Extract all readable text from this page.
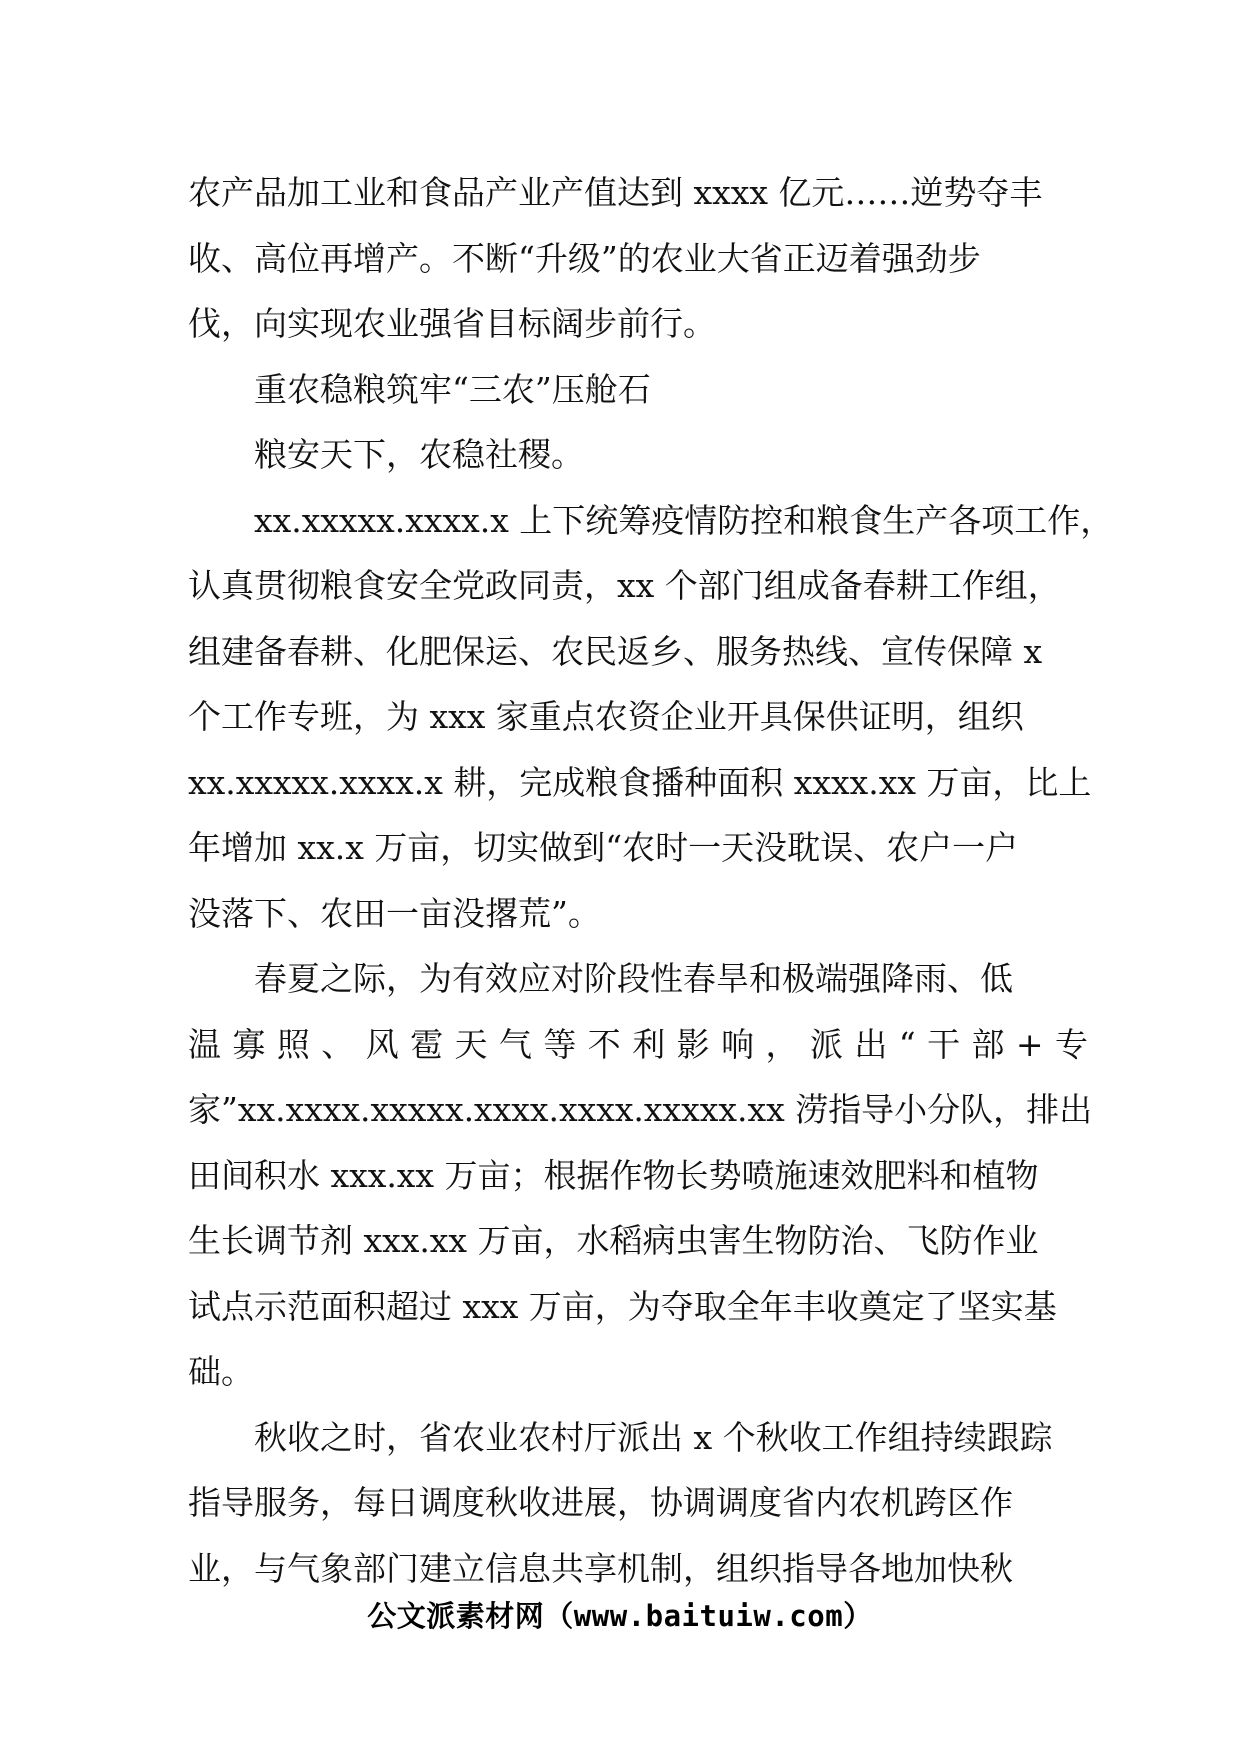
农产品加工业和食品产业产值达到 xxxx 亿元……逆势夺丰
收、高位再增产。不断“升级”的农业大省正迈着强劲步
伐，向实现农业强省目标阔步前行。
重农稳粮筑牢“三农”压舱石
粮安天下，农稳社稷。
xx.xxxxx.xxxx.x 上下统筹疫情防控和粮食生产各项工作，
认真贯彻粮食安全党政同责，xx 个部门组成备春耕工作组，
组建备春耕、化肥保运、农民返乡、服务热线、宣传保障 x
个工作专班，为 xxx 家重点农资企业开具保供证明，组织
xx.xxxxx.xxxx.x 耕，完成粮食播种面积 xxxx.xx 万亩，比上
年增加 xx.x 万亩，切实做到“农时一天没耽误、农户一户
没落下、农田一亩没撂荒”。
春夏之际，为有效应对阶段性春旱和极端强降雨、低
温寡照、风雹天气等不利影响，派出“干部+专
家”xx.xxxx.xxxxx.xxxx.xxxx.xxxxx.xx 涝指导小分队，排出
田间积水 xxx.xx 万亩；根据作物长势喷施速效肥料和植物
生长调节剂 xxx.xx 万亩，水稻病虫害生物防治、飞防作业
试点示范面积超过 xxx 万亩，为夺取全年丰收奠定了坚实基
础。
秋收之时，省农业农村厅派出 x 个秋收工作组持续跟踪
指导服务，每日调度秋收进展，协调调度省内农机跨区作
业，与气象部门建立信息共享机制，组织指导各地加快秋
公文派素材网（www.baituiw.com）
